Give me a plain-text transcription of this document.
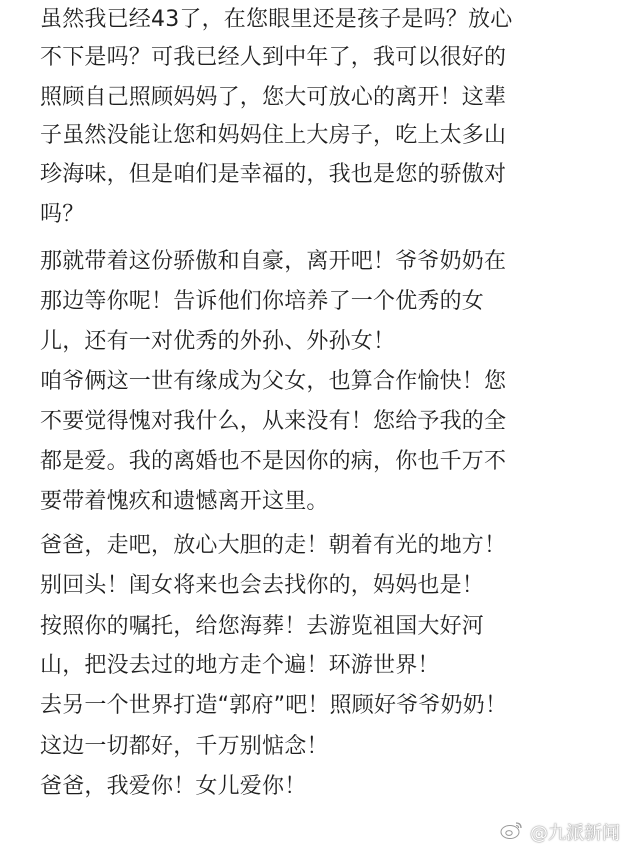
虽然我已经43了，在您眼里还是孩子是吗？放心
不下是吗？可我已经人到中年了，我可以很好的
照顾自己照顾妈妈了，您大可放心的离开！这辈
子虽然没能让您和妈妈住上大房子，吃上太多山
珍海味，但是咱们是幸福的，我也是您的骄傲对
吗？
那就带着这份骄傲和自豪，离开吧！爷爷奶奶在
那边等你呢！告诉他们你培养了一个优秀的女
儿，还有一对优秀的外孙、外孙女！
咱爷俩这一世有缘成为父女，也算合作愉快！您
不要觉得愧对我什么，从来没有！您给予我的全
都是爱。我的离婚也不是因你的病，你也千万不
要带着愧疚和遗憾离开这里。
爸爸，走吧，放心大胆的走！朝着有光的地方！
别回头！闺女将来也会去找你的，妈妈也是！
按照你的嘱托，给您海葬！去游览祖国大好河
山，把没去过的地方走个遍！环游世界！
去另一个世界打造“郭府”吧！照顾好爷爷奶奶！
这边一切都好，千万别惦念！
爸爸，我爱你！女儿爱你！
@九派新闻
